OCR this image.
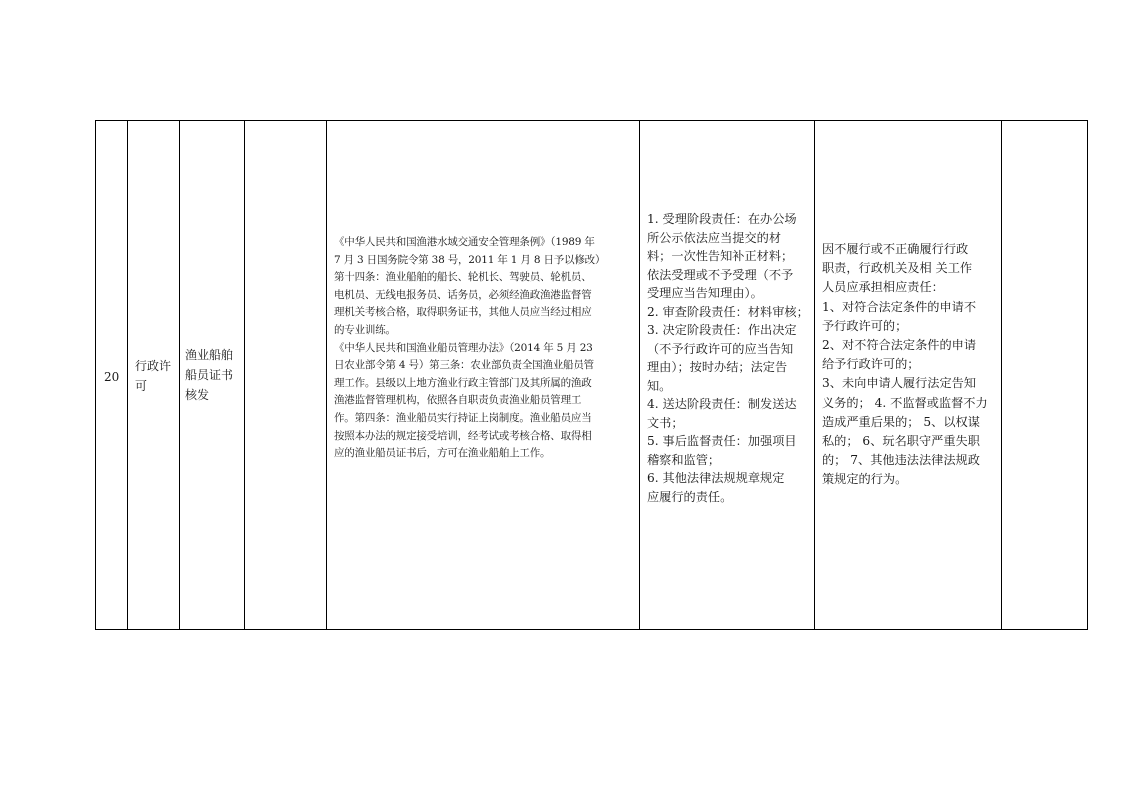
20
行政许
可
渔业船舶
船员证书
核发
《中华人民共和国渔港水域交通安全管理条例》（1989 年
7 月 3 日国务院令第 38 号，2011 年 1 月 8 日予以修改）
第十四条：渔业船舶的船长、轮机长、驾驶员、轮机员、
电机员、无线电报务员、话务员，必须经渔政渔港监督管
理机关考核合格，取得职务证书，其他人员应当经过相应
的专业训练。
《中华人民共和国渔业船员管理办法》（2014 年 5 月 23
日农业部令第 4 号）第三条：农业部负责全国渔业船员管
理工作。县级以上地方渔业行政主管部门及其所属的渔政
渔港监督管理机构，依照各自职责负责渔业船员管理工
作。第四条：渔业船员实行持证上岗制度。渔业船员应当
按照本办法的规定接受培训，经考试或考核合格、取得相
应的渔业船员证书后，方可在渔业船舶上工作。
1. 受理阶段责任：在办公场
所公示依法应当提交的材
料；一次性告知补正材料；
依法受理或不予受理（不予
受理应当告知理由）。
2. 审查阶段责任：材料审核；
3. 决定阶段责任：作出决定
（不予行政许可的应当告知
理由）；按时办结；法定告
知。
4. 送达阶段责任：制发送达
文书；
5. 事后监督责任：加强项目
稽察和监管；
6. 其他法律法规规章规定
应履行的责任。
因不履行或不正确履行行政
职责，行政机关及相 关工作
人员应承担相应责任：
1、对符合法定条件的申请不
予行政许可的；
2、对不符合法定条件的申请
给予行政许可的；
3、未向申请人履行法定告知
义务的； 4. 不监督或监督不力
造成严重后果的； 5、以权谋
私的； 6、玩名职守严重失职
的； 7、其他违法法律法规政
策规定的行为。
